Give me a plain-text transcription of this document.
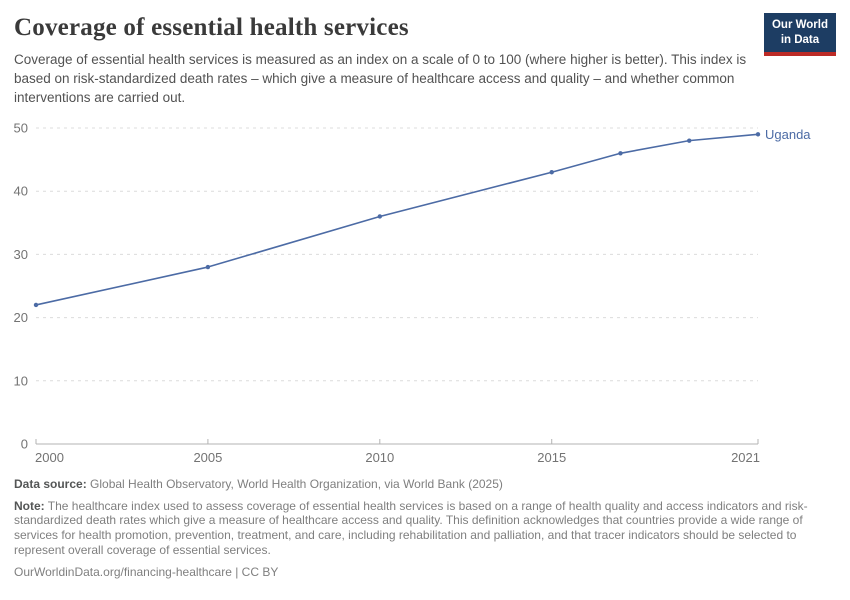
Coverage of essential health services	Our World
in Data

Coverage of essential health services is measured as an index on a scale of 0 to 100 (where higher is better). This index is based on risk-standardized death rates – which give a measure of healthcare access and quality – and whether common interventions are carried out.

0
10
20
30
40
50
2000	2005	2010	2015	2021
Uganda

Data source: Global Health Observatory, World Health Organization, via World Bank (2025)

Note: The healthcare index used to assess coverage of essential health services is based on a range of health quality and access indicators and risk-standardized death rates which give a measure of healthcare access and quality. This definition acknowledges that countries provide a wide range of services for health promotion, prevention, treatment, and care, including rehabilitation and palliation, and that tracer indicators should be selected to represent overall coverage of essential services.

OurWorldinData.org/financing-healthcare | CC BY
